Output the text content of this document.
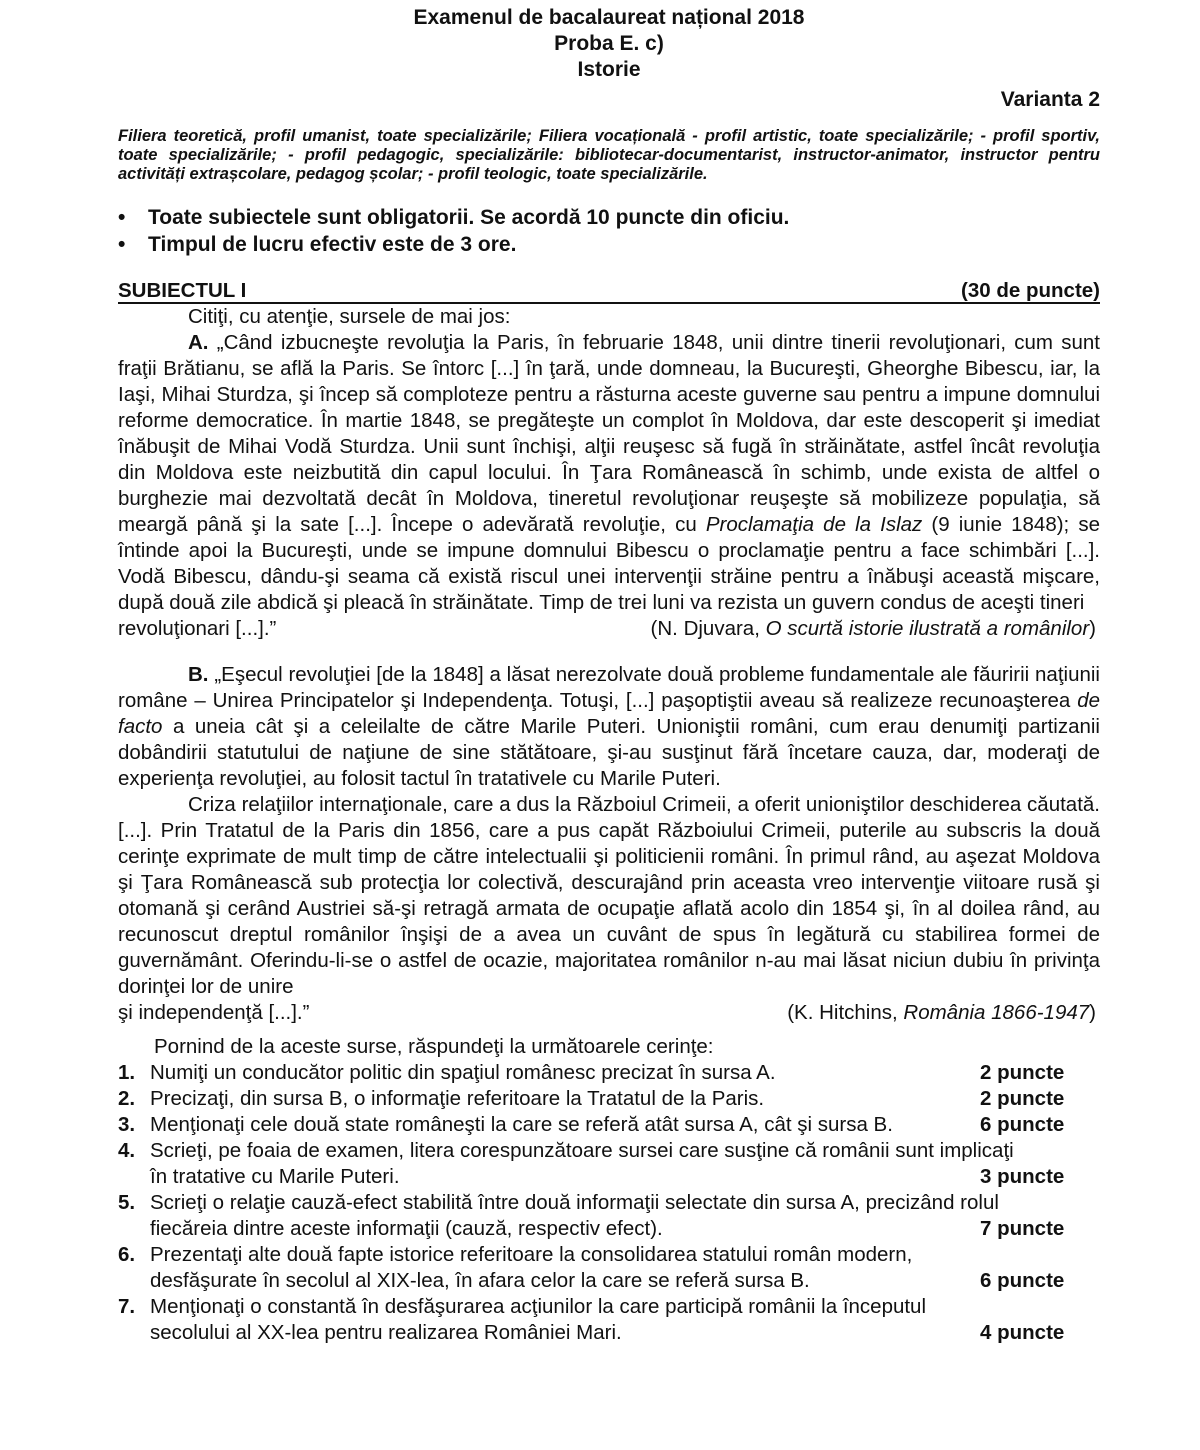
Examenul de bacalaureat național 2018
Proba E. c)
Istorie
Varianta 2
Filiera teoretică, profil umanist, toate specializările; Filiera vocațională - profil artistic, toate specializările; - profil sportiv, toate specializările; - profil pedagogic, specializările: bibliotecar-documentarist, instructor-animator, instructor pentru activități extrașcolare, pedagog școlar; - profil teologic, toate specializările.
•	Toate subiectele sunt obligatorii. Se acordă 10 puncte din oficiu.
•	Timpul de lucru efectiv este de 3 ore.
SUBIECTUL I	(30 de puncte)
Citiţi, cu atenţie, sursele de mai jos:
A. „Când izbucneşte revoluţia la Paris, în februarie 1848, unii dintre tinerii revoluţionari, cum sunt fraţii Brătianu, se află la Paris. Se întorc [...] în ţară, unde domneau, la Bucureşti, Gheorghe Bibescu, iar, la Iaşi, Mihai Sturdza, şi încep să comploteze pentru a răsturna aceste guverne sau pentru a impune domnului reforme democratice. În martie 1848, se pregăteşte un complot în Moldova, dar este descoperit şi imediat înăbuşit de Mihai Vodă Sturdza. Unii sunt închişi, alţii reuşesc să fugă în străinătate, astfel încât revoluţia din Moldova este neizbutită din capul locului. În Ţara Românească în schimb, unde exista de altfel o burghezie mai dezvoltată decât în Moldova, tineretul revoluţionar reuşeşte să mobilizeze populaţia, să meargă până şi la sate [...]. Începe o adevărată revoluţie, cu Proclamaţia de la Islaz (9 iunie 1848); se întinde apoi la Bucureşti, unde se impune domnului Bibescu o proclamaţie pentru a face schimbări [...]. Vodă Bibescu, dându-şi seama că există riscul unei intervenţii străine pentru a înăbuşi această mişcare, după două zile abdică şi pleacă în străinătate. Timp de trei luni va rezista un guvern condus de aceşti tineri
revoluţionari [...].”	(N. Djuvara, O scurtă istorie ilustrată a românilor)
B. „Eşecul revoluţiei [de la 1848] a lăsat nerezolvate două probleme fundamentale ale făuririi naţiunii române – Unirea Principatelor şi Independenţa. Totuşi, [...] paşoptiştii aveau să realizeze recunoaşterea de facto a uneia cât şi a celeilalte de către Marile Puteri. Unioniştii români, cum erau denumiţi partizanii dobândirii statutului de naţiune de sine stătătoare, şi-au susţinut fără încetare cauza, dar, moderaţi de experienţa revoluţiei, au folosit tactul în tratativele cu Marile Puteri.
Criza relaţiilor internaţionale, care a dus la Războiul Crimeii, a oferit unioniştilor deschiderea căutată. [...]. Prin Tratatul de la Paris din 1856, care a pus capăt Războiului Crimeii, puterile au subscris la două cerinţe exprimate de mult timp de către intelectualii şi politicienii români. În primul rând, au aşezat Moldova şi Ţara Românească sub protecţia lor colectivă, descurajând prin aceasta vreo intervenţie viitoare rusă şi otomană şi cerând Austriei să-şi retragă armata de ocupaţie aflată acolo din 1854 şi, în al doilea rând, au recunoscut dreptul românilor înşişi de a avea un cuvânt de spus în legătură cu stabilirea formei de guvernământ. Oferindu-li-se o astfel de ocazie, majoritatea românilor n-au mai lăsat niciun dubiu în privinţa dorinţei lor de unire
şi independenţă [...].”	(K. Hitchins, România 1866-1947)
Pornind de la aceste surse, răspundeţi la următoarele cerinţe:
1. Numiţi un conducător politic din spaţiul românesc precizat în sursa A.	2 puncte
2. Precizaţi, din sursa B, o informaţie referitoare la Tratatul de la Paris.	2 puncte
3. Menţionaţi cele două state româneşti la care se referă atât sursa A, cât şi sursa B.	6 puncte
4. Scrieţi, pe foaia de examen, litera corespunzătoare sursei care susţine că românii sunt implicaţi
în tratative cu Marile Puteri.	3 puncte
5. Scrieţi o relaţie cauză-efect stabilită între două informaţii selectate din sursa A, precizând rolul
fiecăreia dintre aceste informaţii (cauză, respectiv efect).	7 puncte
6. Prezentaţi alte două fapte istorice referitoare la consolidarea statului român modern,
desfăşurate în secolul al XIX-lea, în afara celor la care se referă sursa B.	6 puncte
7. Menţionaţi o constantă în desfăşurarea acţiunilor la care participă românii la începutul
secolului al XX-lea pentru realizarea României Mari.	4 puncte
